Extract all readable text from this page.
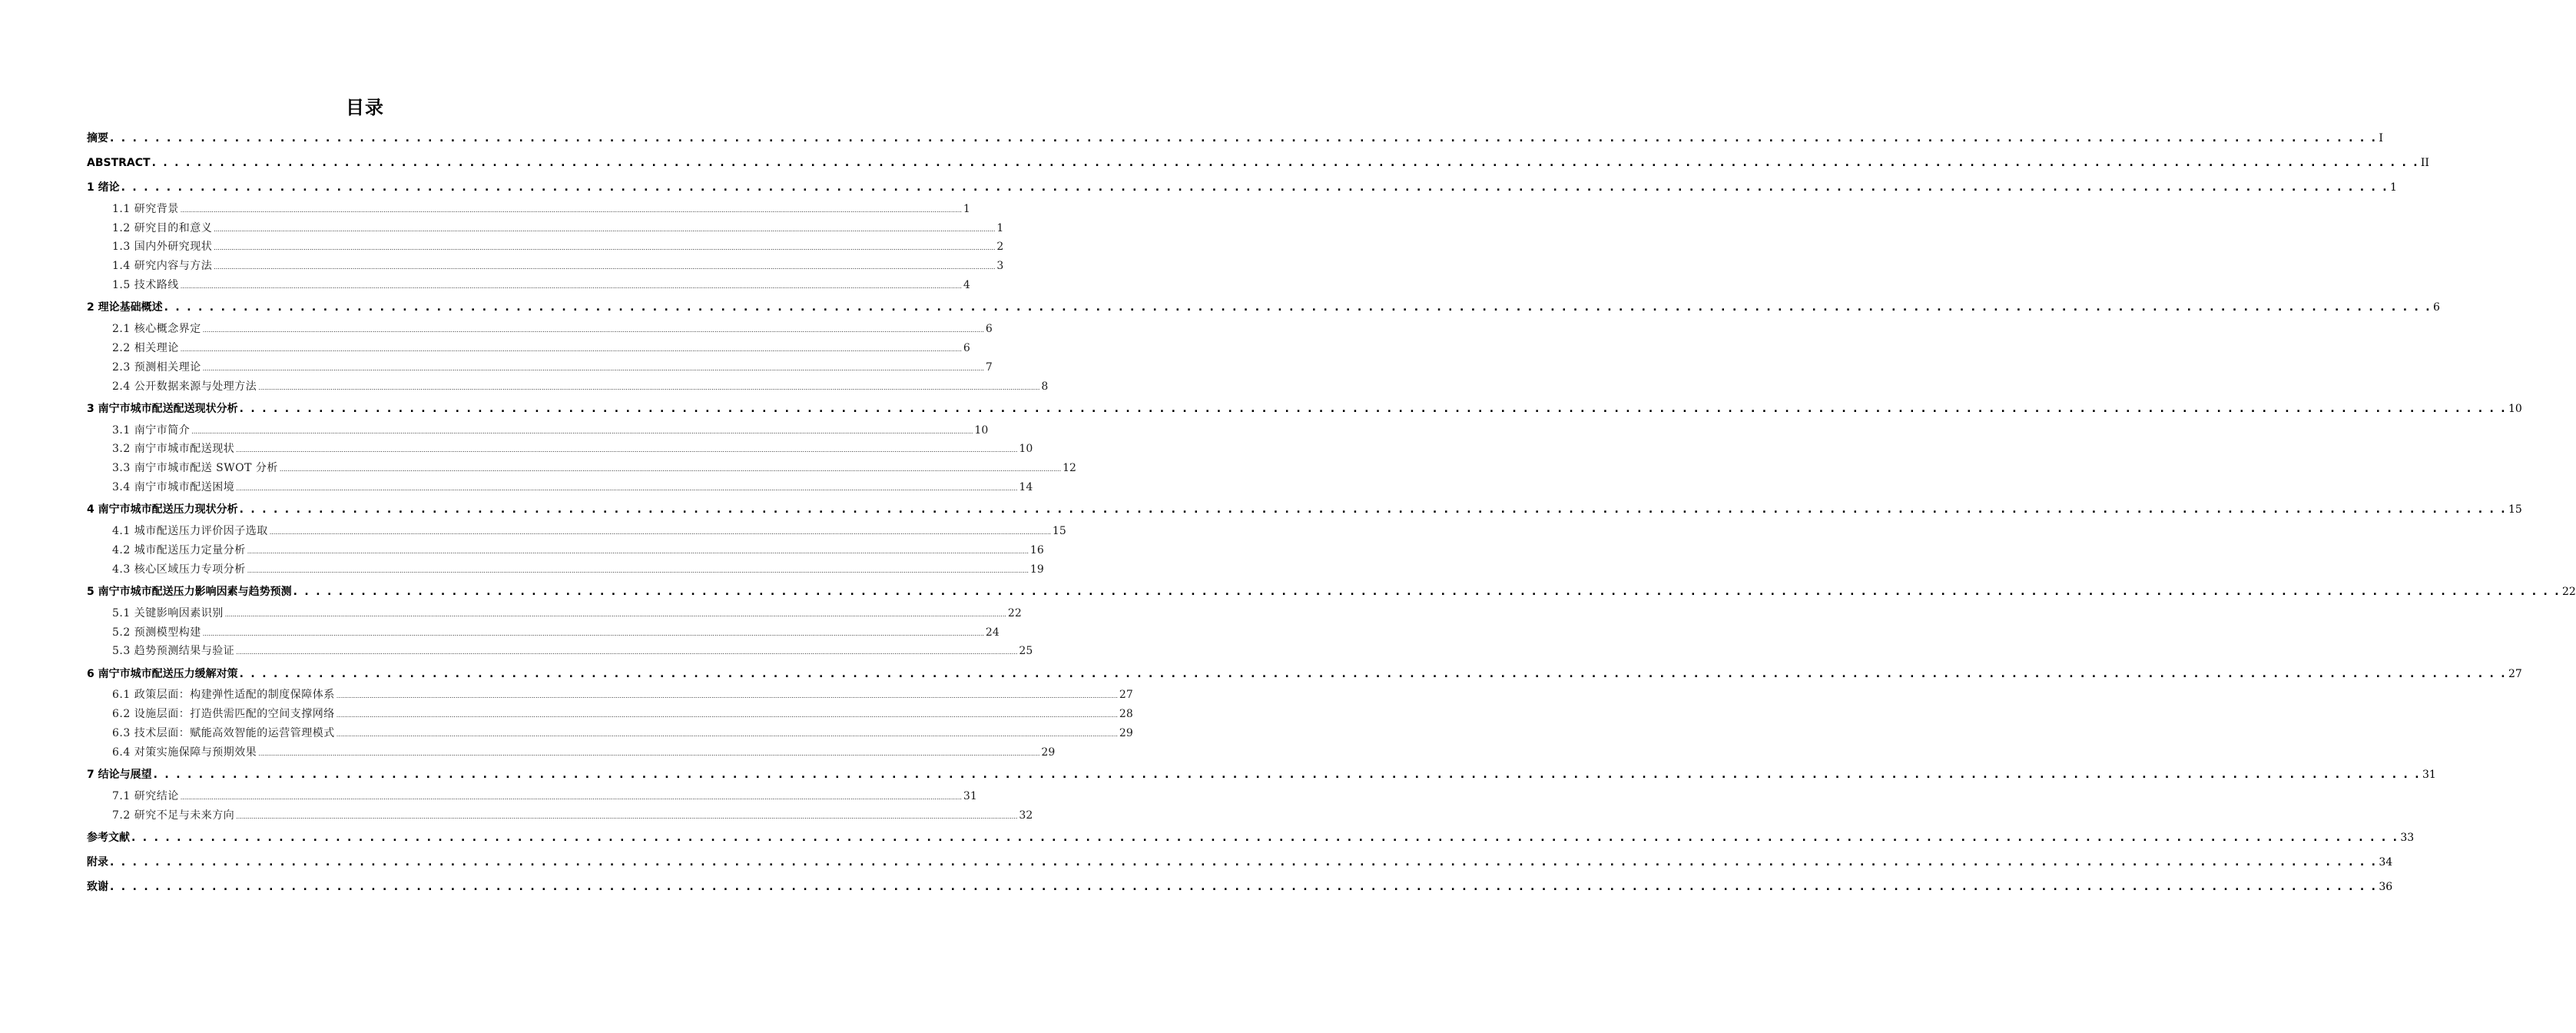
目录
摘要 . . . . . . . . . . . . . . . . . . . . . . . . . . . . . . . . . . . . . . . . . . . . . . . . . . . . . . . . . . . . . . . . . . . . . . . . . . . . . . . . . . . . . . . . . . . . . . . . . . . . . . . . . . . . . . . . . . . . . . . . . . . . . . . . . . . . . . . . . . . . . . . . . . . . . . . . . . . . . . . . . . . . . . . . . . . . . . . . . . . . . . . . . . . . . . . . . . . . . . . . I
ABSTRACT . . . . . . . . . . . . . . . . . . . . . . . . . . . . . . . . . . . . . . . . . . . . . . . . . . . . . . . . . . . . . . . . . . . . . . . . . . . . . . . . . . . . . . . . . . . . . . . . . . . . . . . . . . . . . . . . . . . . . . . . . . . . . . . . . . . . . . . . . . . . . . . . . . . . . . . . . . . . . . . . . . . . . . . . . . . . . . . . . . . . . . . . . . . . . . . . . . . . . . . . II
1 绪论 . . . . . . . . . . . . . . . . . . . . . . . . . . . . . . . . . . . . . . . . . . . . . . . . . . . . . . . . . . . . . . . . . . . . . . . . . . . . . . . . . . . . . . . . . . . . . . . . . . . . . . . . . . . . . . . . . . . . . . . . . . . . . . . . . . . . . . . . . . . . . . . . . . . . . . . . . . . . . . . . . . . . . . . . . . . . . . . . . . . . . . . . . . . . . . . . . . . . . . . . 1
1.1 研究背景 ................................................................................................................................................................................................................................................................................................................................................................................................................ 1
1.2 研究目的和意义 ................................................................................................................................................................................................................................................................................................................................................................................................................ 1
1.3 国内外研究现状 ................................................................................................................................................................................................................................................................................................................................................................................................................ 2
1.4 研究内容与方法 ................................................................................................................................................................................................................................................................................................................................................................................................................ 3
1.5 技术路线 ................................................................................................................................................................................................................................................................................................................................................................................................................ 4
2 理论基础概述 . . . . . . . . . . . . . . . . . . . . . . . . . . . . . . . . . . . . . . . . . . . . . . . . . . . . . . . . . . . . . . . . . . . . . . . . . . . . . . . . . . . . . . . . . . . . . . . . . . . . . . . . . . . . . . . . . . . . . . . . . . . . . . . . . . . . . . . . . . . . . . . . . . . . . . . . . . . . . . . . . . . . . . . . . . . . . . . . . . . . . . . . . . . . . . . . . . . . . . . . 6
2.1 核心概念界定 ................................................................................................................................................................................................................................................................................................................................................................................................................ 6
2.2 相关理论 ................................................................................................................................................................................................................................................................................................................................................................................................................ 6
2.3 预测相关理论 ................................................................................................................................................................................................................................................................................................................................................................................................................ 7
2.4 公开数据来源与处理方法 ................................................................................................................................................................................................................................................................................................................................................................................................................ 8
3 南宁市城市配送配送现状分析 . . . . . . . . . . . . . . . . . . . . . . . . . . . . . . . . . . . . . . . . . . . . . . . . . . . . . . . . . . . . . . . . . . . . . . . . . . . . . . . . . . . . . . . . . . . . . . . . . . . . . . . . . . . . . . . . . . . . . . . . . . . . . . . . . . . . . . . . . . . . . . . . . . . . . . . . . . . . . . . . . . . . . . . . . . . . . . . . . . . . . . . . . . . . . . . . . . . . . . . . 10
3.1 南宁市简介 ................................................................................................................................................................................................................................................................................................................................................................................................................ 10
3.2 南宁市城市配送现状 ................................................................................................................................................................................................................................................................................................................................................................................................................ 10
3.3 南宁市城市配送 SWOT 分析 ................................................................................................................................................................................................................................................................................................................................................................................................................ 12
3.4 南宁市城市配送困境 ................................................................................................................................................................................................................................................................................................................................................................................................................ 14
4 南宁市城市配送压力现状分析 . . . . . . . . . . . . . . . . . . . . . . . . . . . . . . . . . . . . . . . . . . . . . . . . . . . . . . . . . . . . . . . . . . . . . . . . . . . . . . . . . . . . . . . . . . . . . . . . . . . . . . . . . . . . . . . . . . . . . . . . . . . . . . . . . . . . . . . . . . . . . . . . . . . . . . . . . . . . . . . . . . . . . . . . . . . . . . . . . . . . . . . . . . . . . . . . . . . . . . . . 15
4.1 城市配送压力评价因子选取 ................................................................................................................................................................................................................................................................................................................................................................................................................ 15
4.2 城市配送压力定量分析 ................................................................................................................................................................................................................................................................................................................................................................................................................ 16
4.3 核心区域压力专项分析 ................................................................................................................................................................................................................................................................................................................................................................................................................ 19
5 南宁市城市配送压力影响因素与趋势预测 . . . . . . . . . . . . . . . . . . . . . . . . . . . . . . . . . . . . . . . . . . . . . . . . . . . . . . . . . . . . . . . . . . . . . . . . . . . . . . . . . . . . . . . . . . . . . . . . . . . . . . . . . . . . . . . . . . . . . . . . . . . . . . . . . . . . . . . . . . . . . . . . . . . . . . . . . . . . . . . . . . . . . . . . . . . . . . . . . . . . . . . . . . . . . . . . . . . . . . . . 22
5.1 关键影响因素识别 ................................................................................................................................................................................................................................................................................................................................................................................................................ 22
5.2 预测模型构建 ................................................................................................................................................................................................................................................................................................................................................................................................................ 24
5.3 趋势预测结果与验证 ................................................................................................................................................................................................................................................................................................................................................................................................................ 25
6 南宁市城市配送压力缓解对策 . . . . . . . . . . . . . . . . . . . . . . . . . . . . . . . . . . . . . . . . . . . . . . . . . . . . . . . . . . . . . . . . . . . . . . . . . . . . . . . . . . . . . . . . . . . . . . . . . . . . . . . . . . . . . . . . . . . . . . . . . . . . . . . . . . . . . . . . . . . . . . . . . . . . . . . . . . . . . . . . . . . . . . . . . . . . . . . . . . . . . . . . . . . . . . . . . . . . . . . . 27
6.1 政策层面：构建弹性适配的制度保障体系 ................................................................................................................................................................................................................................................................................................................................................................................................................ 27
6.2 设施层面：打造供需匹配的空间支撑网络 ................................................................................................................................................................................................................................................................................................................................................................................................................ 28
6.3 技术层面：赋能高效智能的运营管理模式 ................................................................................................................................................................................................................................................................................................................................................................................................................ 29
6.4 对策实施保障与预期效果 ................................................................................................................................................................................................................................................................................................................................................................................................................ 29
7 结论与展望 . . . . . . . . . . . . . . . . . . . . . . . . . . . . . . . . . . . . . . . . . . . . . . . . . . . . . . . . . . . . . . . . . . . . . . . . . . . . . . . . . . . . . . . . . . . . . . . . . . . . . . . . . . . . . . . . . . . . . . . . . . . . . . . . . . . . . . . . . . . . . . . . . . . . . . . . . . . . . . . . . . . . . . . . . . . . . . . . . . . . . . . . . . . . . . . . . . . . . . . . 31
7.1 研究结论 ................................................................................................................................................................................................................................................................................................................................................................................................................ 31
7.2 研究不足与未来方向 ................................................................................................................................................................................................................................................................................................................................................................................................................ 32
参考文献 . . . . . . . . . . . . . . . . . . . . . . . . . . . . . . . . . . . . . . . . . . . . . . . . . . . . . . . . . . . . . . . . . . . . . . . . . . . . . . . . . . . . . . . . . . . . . . . . . . . . . . . . . . . . . . . . . . . . . . . . . . . . . . . . . . . . . . . . . . . . . . . . . . . . . . . . . . . . . . . . . . . . . . . . . . . . . . . . . . . . . . . . . . . . . . . . . . . . . . . . 33
附录 . . . . . . . . . . . . . . . . . . . . . . . . . . . . . . . . . . . . . . . . . . . . . . . . . . . . . . . . . . . . . . . . . . . . . . . . . . . . . . . . . . . . . . . . . . . . . . . . . . . . . . . . . . . . . . . . . . . . . . . . . . . . . . . . . . . . . . . . . . . . . . . . . . . . . . . . . . . . . . . . . . . . . . . . . . . . . . . . . . . . . . . . . . . . . . . . . . . . . . . . 34
致谢 . . . . . . . . . . . . . . . . . . . . . . . . . . . . . . . . . . . . . . . . . . . . . . . . . . . . . . . . . . . . . . . . . . . . . . . . . . . . . . . . . . . . . . . . . . . . . . . . . . . . . . . . . . . . . . . . . . . . . . . . . . . . . . . . . . . . . . . . . . . . . . . . . . . . . . . . . . . . . . . . . . . . . . . . . . . . . . . . . . . . . . . . . . . . . . . . . . . . . . . . 36
